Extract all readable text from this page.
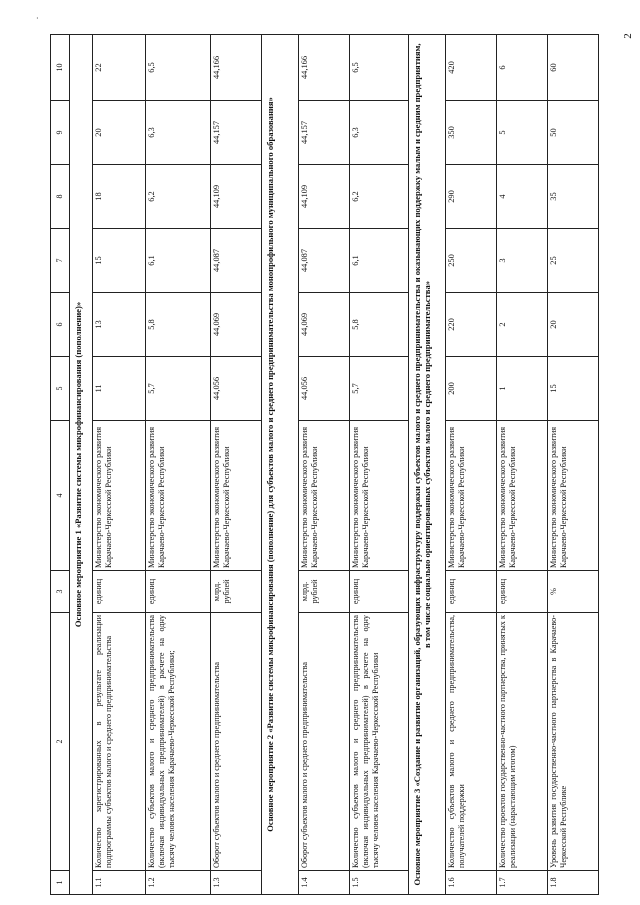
·
2
1	2	3	4	5	6	7	8	9	10
Основное мероприятие 1 «Развитие системы микрофинансирования (пополнение)»									
1.1	Количество зарегистрированных в результате реализации подпрограммы субъектов малого и среднего предпринимательства	единиц	Министерство экономического развития Карачаево-Черкесской Республики	11	13	15	18	20	22
1.2	Количество субъектов малого и среднего предпринимательства (включая индивидуальных предпринимателей) в расчете на одну тысячу человек населения Карачаево-Черкесской Республики;	единиц	Министерство экономического развития Карачаево-Черкесской Республики	5,7	5,8	6,1	6,2	6,3	6,5
1.3	Оборот субъектов малого и среднего предпринимательства	млрд. рублей	Министерство экономического развития Карачаево-Черкесской Республики	44,056	44,069	44,087	44,109	44,157	44,166
Основное мероприятие 2 «Развитие системы микрофинансирования (пополнение) для субъектов малого и среднего предпринимательства монопрофильного муниципального образования»									
1.4	Оборот субъектов малого и среднего предпринимательства	млрд. рублей	Министерство экономического развития Карачаево-Черкесской Республики	44,056	44,069	44,087	44,109	44,157	44,166
1.5	Количество субъектов малого и среднего предпринимательства (включая индивидуальных предпринимателей) в расчете на одну тысячу человек населения Карачаево-Черкесской Республики	единиц	Министерство экономического развития Карачаево-Черкесской Республики	5,7	5,8	6,1	6,2	6,3	6,5
Основное мероприятие 3 «Создание и развитие организаций, образующих инфраструктуру поддержки субъектов малого и среднего предпринимательства и оказывающих поддержку малым и средним предприятиям, в том числе социально ориентированных субъектов малого и среднего предпринимательства»									
1.6	Количество субъектов малого и среднего предпринимательства, получателей поддержки	единиц	Министерство экономического развития Карачаево-Черкесской Республики	200	220	250	290	350	420
1.7	Количество проектов государственно-частного партнерства, принятых к реализации (нарастающим итогом)	единиц	Министерство экономического развития Карачаево-Черкесской Республики	1	2	3	4	5	6
1.8	Уровень развития государственно-частного партнерства в Карачаево-Черкесской Республике	%	Министерство экономического развития Карачаево-Черкесской Республики	15	20	25	35	50	60
